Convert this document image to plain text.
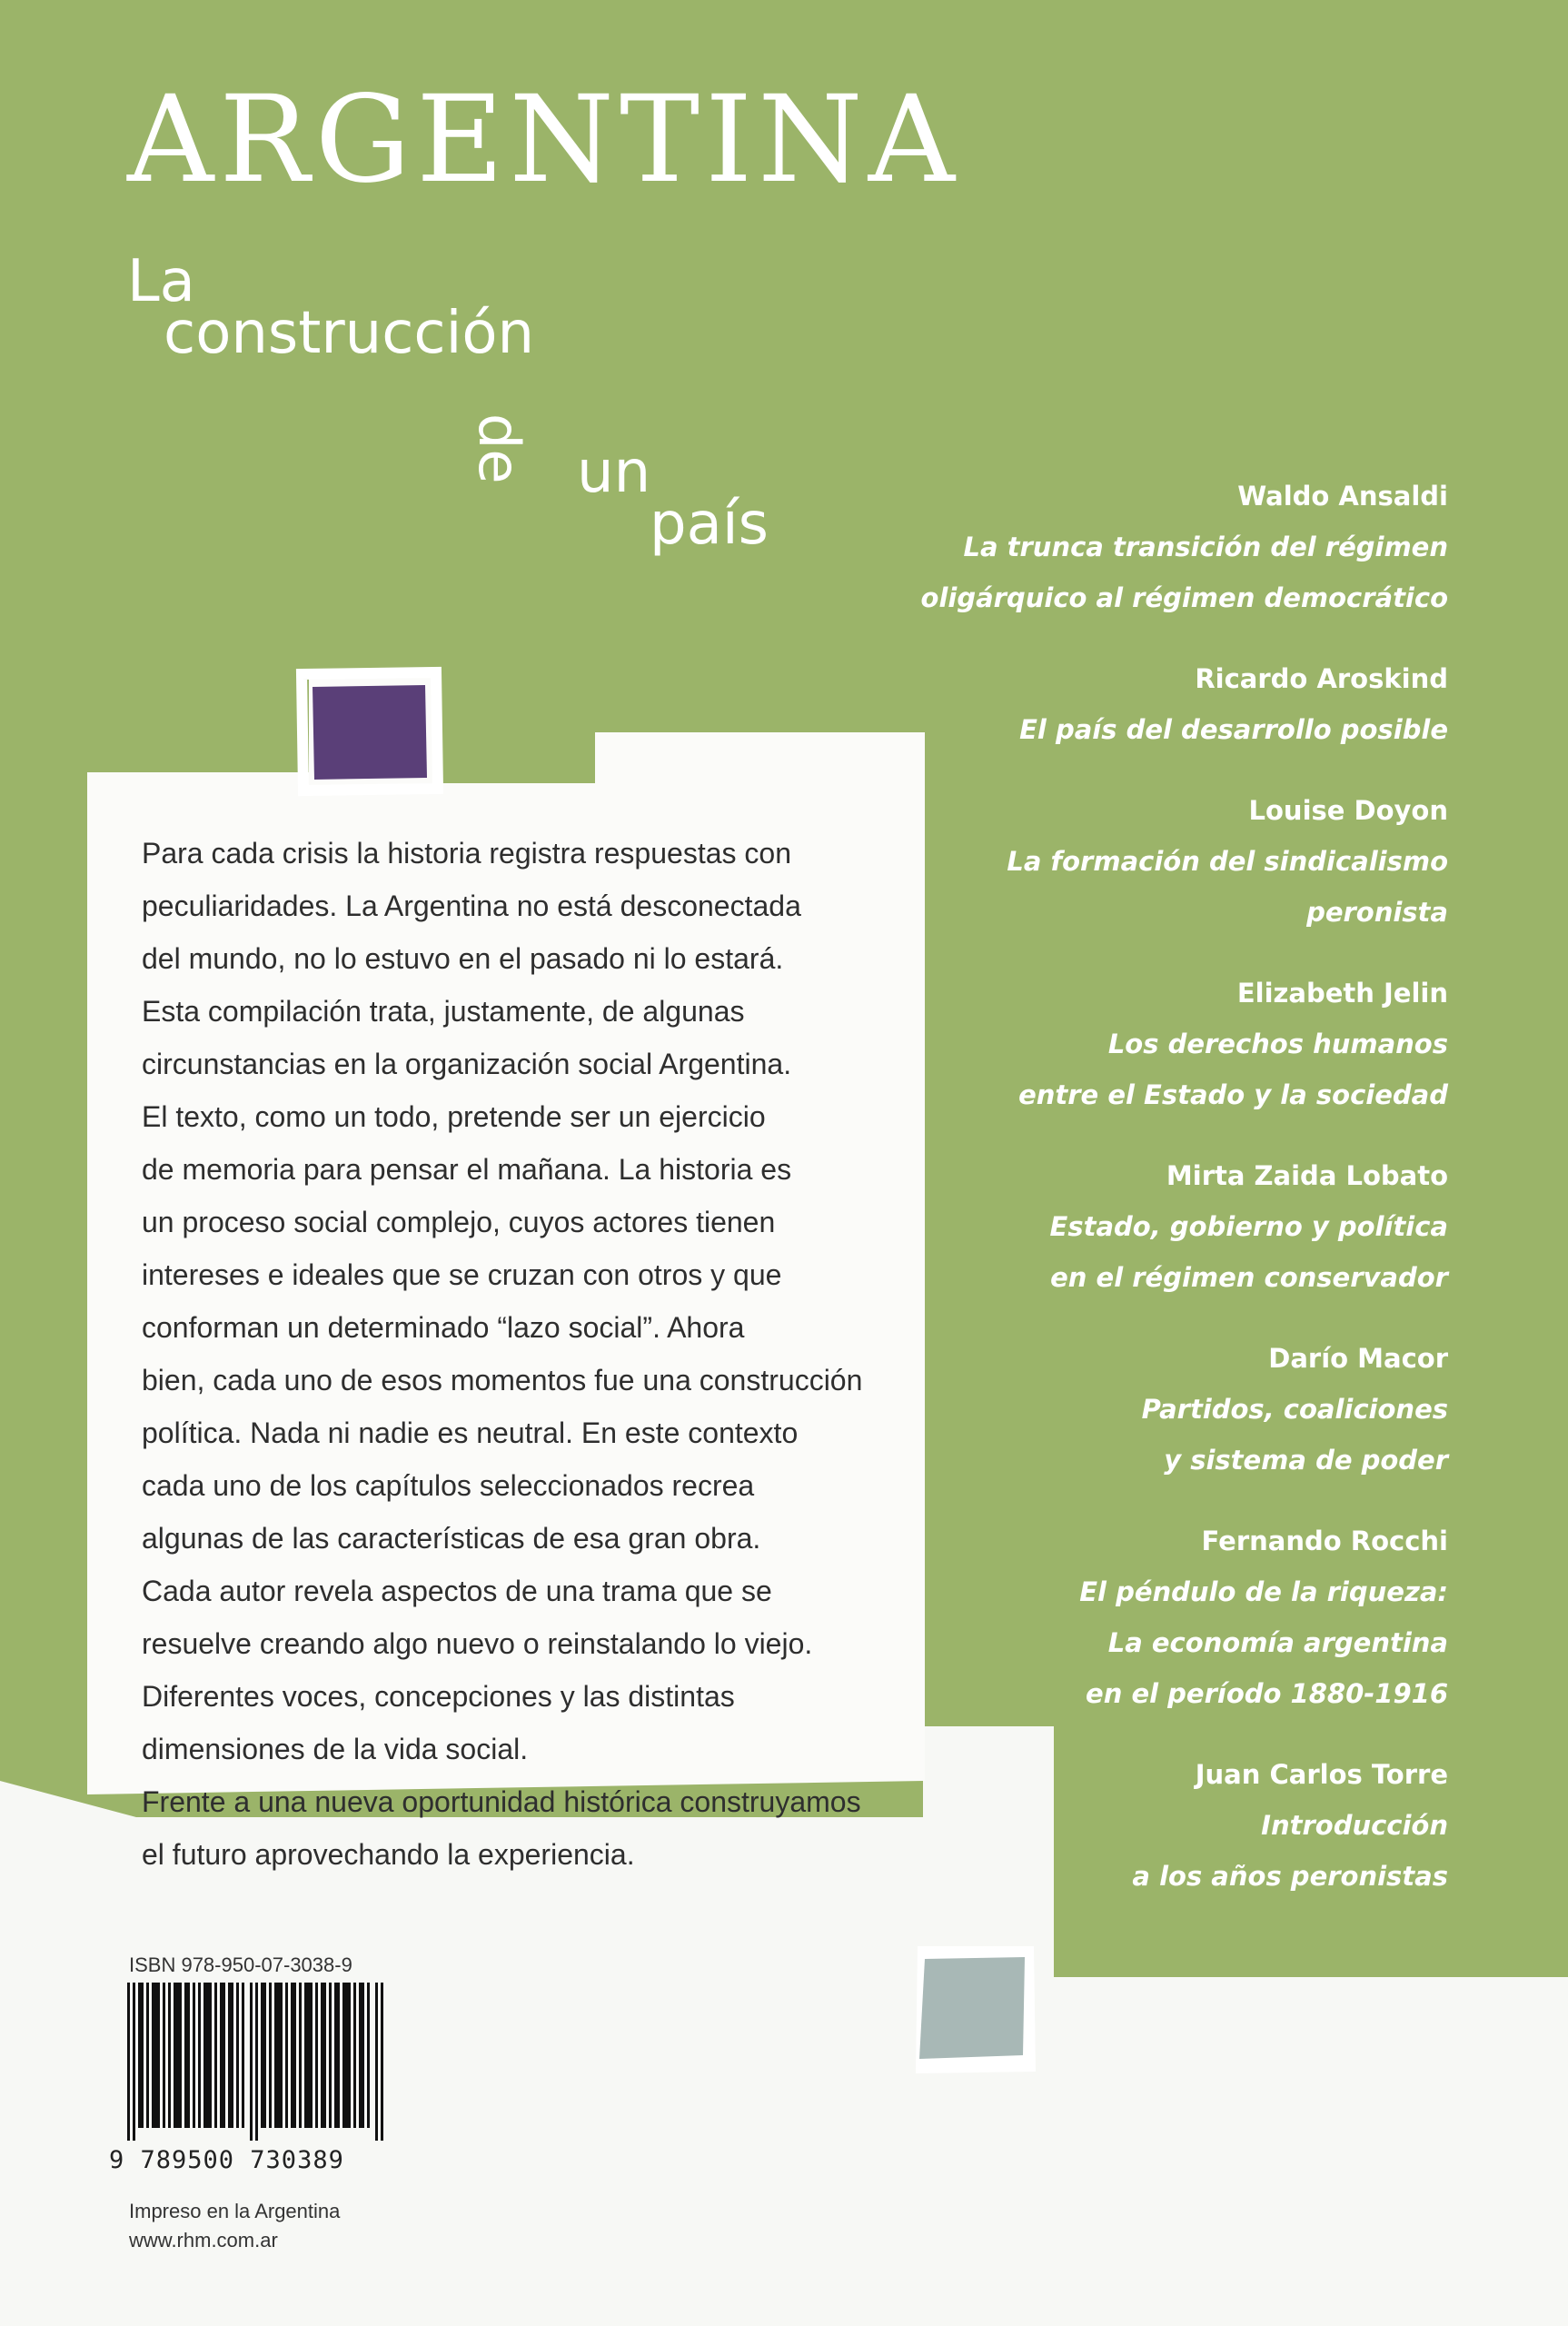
ARGENTINA
La
construcción
de un
país	Waldo Ansaldi
La trunca transición del régimen
oligárquico al régimen democrático
Ricardo Aroskind
El país del desarrollo posible
Louise Doyon
La formación del sindicalismo
peronista
Elizabeth Jelin
Los derechos humanos
entre el Estado y la sociedad
Mirta Zaida Lobato
Estado, gobierno y política
en el régimen conservador
Darío Macor
Partidos, coaliciones
y sistema de poder
Fernando Rocchi
El péndulo de la riqueza:
La economía argentina
en el período 1880-1916
Juan Carlos Torre
Introducción
a los años peronistas
Para cada crisis la historia registra respuestas con
peculiaridades. La Argentina no está desconectada
del mundo, no lo estuvo en el pasado ni lo estará.
Esta compilación trata, justamente, de algunas
circunstancias en la organización social Argentina.
El texto, como un todo, pretende ser un ejercicio
de memoria para pensar el mañana. La historia es
un proceso social complejo, cuyos actores tienen
intereses e ideales que se cruzan con otros y que
conforman un determinado “lazo social”. Ahora
bien, cada uno de esos momentos fue una construcción
política. Nada ni nadie es neutral. En este contexto
cada uno de los capítulos seleccionados recrea
algunas de las características de esa gran obra.
Cada autor revela aspectos de una trama que se
resuelve creando algo nuevo o reinstalando lo viejo.
Diferentes voces, concepciones y las distintas
dimensiones de la vida social.
Frente a una nueva oportunidad histórica construyamos
el futuro aprovechando la experiencia.
ISBN 978-950-07-3038-9
9 789500 730389
Impreso en la Argentina
www.rhm.com.ar
